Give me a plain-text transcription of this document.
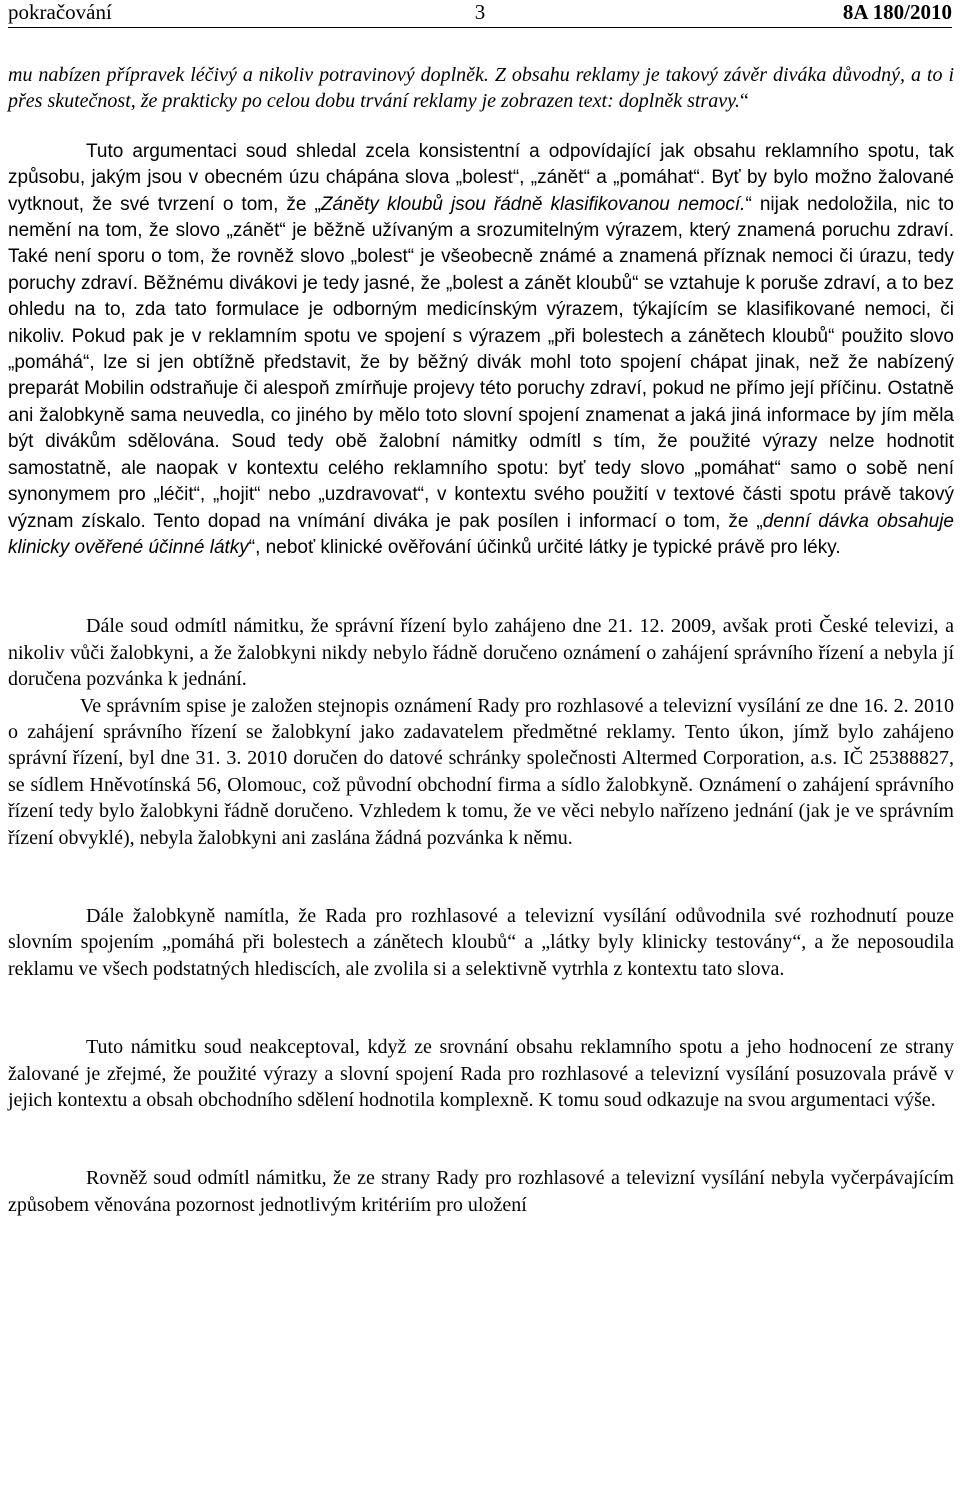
pokračování	3	8A 180/2010

mu nabízen přípravek léčivý a nikoliv potravinový doplněk. Z obsahu reklamy je takový závěr diváka důvodný, a to i přes skutečnost, že prakticky po celou dobu trvání reklamy je zobrazen text: doplněk stravy.“

Tuto argumentaci soud shledal zcela konsistentní a odpovídající jak obsahu reklamního spotu, tak způsobu, jakým jsou v obecném úzu chápána slova „bolest“, „zánět“ a „pomáhat“. Byť by bylo možno žalované vytknout, že své tvrzení o tom, že „Záněty kloubů jsou řádně klasifikovanou nemocí.“ nijak nedoložila, nic to nemění na tom, že slovo „zánět“ je běžně užívaným a srozumitelným výrazem, který znamená poruchu zdraví. Také není sporu o tom, že rovněž slovo „bolest“ je všeobecně známé a znamená příznak nemoci či úrazu, tedy poruchy zdraví. Běžnému divákovi je tedy jasné, že „bolest a zánět kloubů“ se vztahuje k poruše zdraví, a to bez ohledu na to, zda tato formulace je odborným medicínským výrazem, týkajícím se klasifikované nemoci, či nikoliv. Pokud pak je v reklamním spotu ve spojení s výrazem „při bolestech a zánětech kloubů“ použito slovo „pomáhá“, lze si jen obtížně představit, že by běžný divák mohl toto spojení chápat jinak, než že nabízený preparát Mobilin odstraňuje či alespoň zmírňuje projevy této poruchy zdraví, pokud ne přímo její příčinu. Ostatně ani žalobkyně sama neuvedla, co jiného by mělo toto slovní spojení znamenat a jaká jiná informace by jím měla být divákům sdělována. Soud tedy obě žalobní námitky odmítl s tím, že použité výrazy nelze hodnotit samostatně, ale naopak v kontextu celého reklamního spotu: byť tedy slovo „pomáhat“ samo o sobě není synonymem pro „léčit“, „hojit“ nebo „uzdravovat“, v kontextu svého použití v textové části spotu právě takový význam získalo. Tento dopad na vnímání diváka je pak posílen i informací o tom, že „denní dávka obsahuje klinicky ověřené účinné látky“, neboť klinické ověřování účinků určité látky je typické právě pro léky.

Dále soud odmítl námitku, že správní řízení bylo zahájeno dne 21. 12. 2009, avšak proti České televizi, a nikoliv vůči žalobkyni, a že žalobkyni nikdy nebylo řádně doručeno oznámení o zahájení správního řízení a nebyla jí doručena pozvánka k jednání.

Ve správním spise je založen stejnopis oznámení Rady pro rozhlasové a televizní vysílání ze dne 16. 2. 2010 o zahájení správního řízení se žalobkyní jako zadavatelem předmětné reklamy. Tento úkon, jímž bylo zahájeno správní řízení, byl dne 31. 3. 2010 doručen do datové schránky společnosti Altermed Corporation, a.s. IČ 25388827, se sídlem Hněvotínská 56, Olomouc, což původní obchodní firma a sídlo žalobkyně. Oznámení o zahájení správního řízení tedy bylo žalobkyni řádně doručeno. Vzhledem k tomu, že ve věci nebylo nařízeno jednání (jak je ve správním řízení obvyklé), nebyla žalobkyni ani zaslána žádná pozvánka k němu.

Dále žalobkyně namítla, že Rada pro rozhlasové a televizní vysílání odůvodnila své rozhodnutí pouze slovním spojením „pomáhá při bolestech a zánětech kloubů“ a „látky byly klinicky testovány“, a že neposoudila reklamu ve všech podstatných hlediscích, ale zvolila si a selektivně vytrhla z kontextu tato slova.

Tuto námitku soud neakceptoval, když ze srovnání obsahu reklamního spotu a jeho hodnocení ze strany žalované je zřejmé, že použité výrazy a slovní spojení Rada pro rozhlasové a televizní vysílání posuzovala právě v jejich kontextu a obsah obchodního sdělení hodnotila komplexně. K tomu soud odkazuje na svou argumentaci výše.

Rovněž soud odmítl námitku, že ze strany Rady pro rozhlasové a televizní vysílání nebyla vyčerpávajícím způsobem věnována pozornost jednotlivým kritériím pro uložení
